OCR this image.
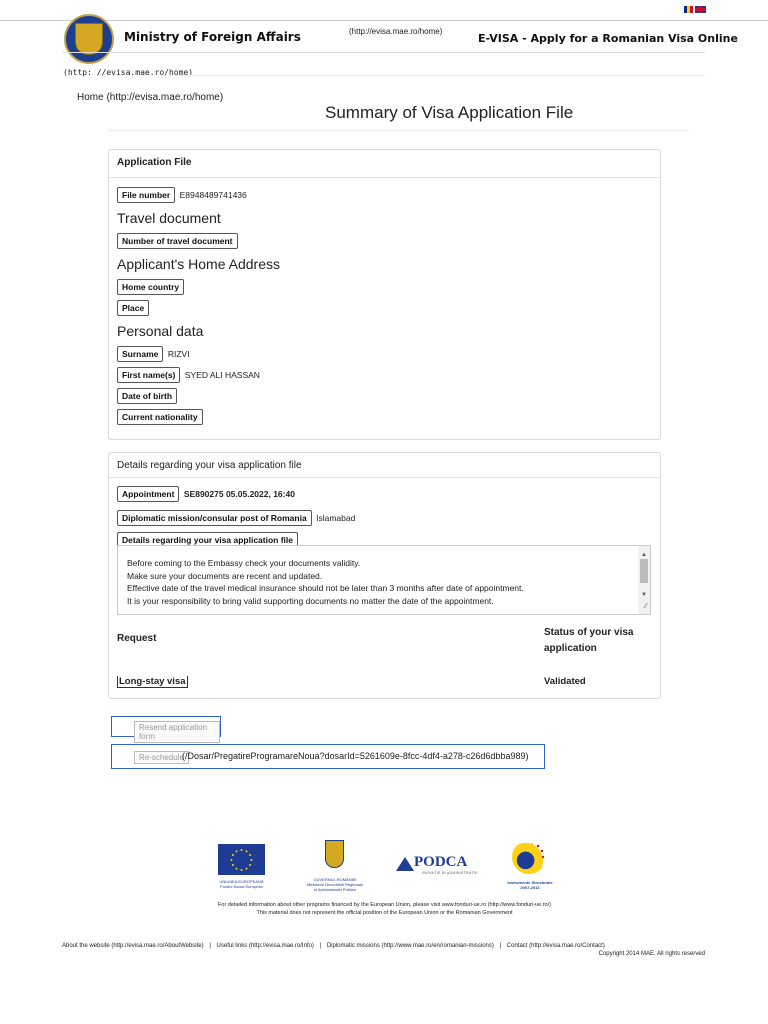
Ministry of Foreign Affairs	(http://evisa.mae.ro/home)
E-VISA - Apply for a Romanian Visa Online
(http: //evisa.mae.ro/home)
Home (http://evisa.mae.ro/home)
Summary of Visa Application File
Application File
File number E8948489741436
Travel document
Number of travel document
Applicant's Home Address
Home country
Place
Personal data
Surname RIZVI
First name(s) SYED ALI HASSAN
Date of birth
Current nationality
Details regarding your visa application file
Appointment SE890275 05.05.2022, 16:40
Diplomatic mission/consular post of Romania Islamabad
Details regarding your visa application file
Before coming to the Embassy check your documents validity.
Make sure your documents are recent and updated.
Effective date of the travel medical insurance should not be later than 3 months after date of appointment.
It is your responsibility to bring valid supporting documents no matter the date of the appointment.
▲
▼
⁄⁄
Request
Status of your visa application
Long-stay visa	Validated
Resend application form
Re-schedule
(/Dosar/PregatireProgramareNoua?dosarId=5261609e-8fcc-4df4-a278-c26d6dbba989)
UNIUNEA EUROPEANĂ
Fondul Social European
GUVERNUL ROMÂNIEI
Ministerul Dezvoltării Regionale
și Administrației Publice
PODCA
INOVAȚIE ÎN ADMINISTRAȚIE
Instrumente Structurale
2007-2013
For detailed information about other programs financed by the European Union, please visit www.fonduri-ue.ro (http://www.fonduri-ue.ro/)
This material does not represent the official position of the European Union or the Romanian Government
About the website (http://evisa.mae.ro/AboutWebsite) | Useful links (http://evisa.mae.ro/Info) | Diplomatic missions (http://www.mae.ro/en/romanian-missions) | Contact (http://evisa.mae.ro/Contact)
Copyright 2014 MAE. All rights reserved
